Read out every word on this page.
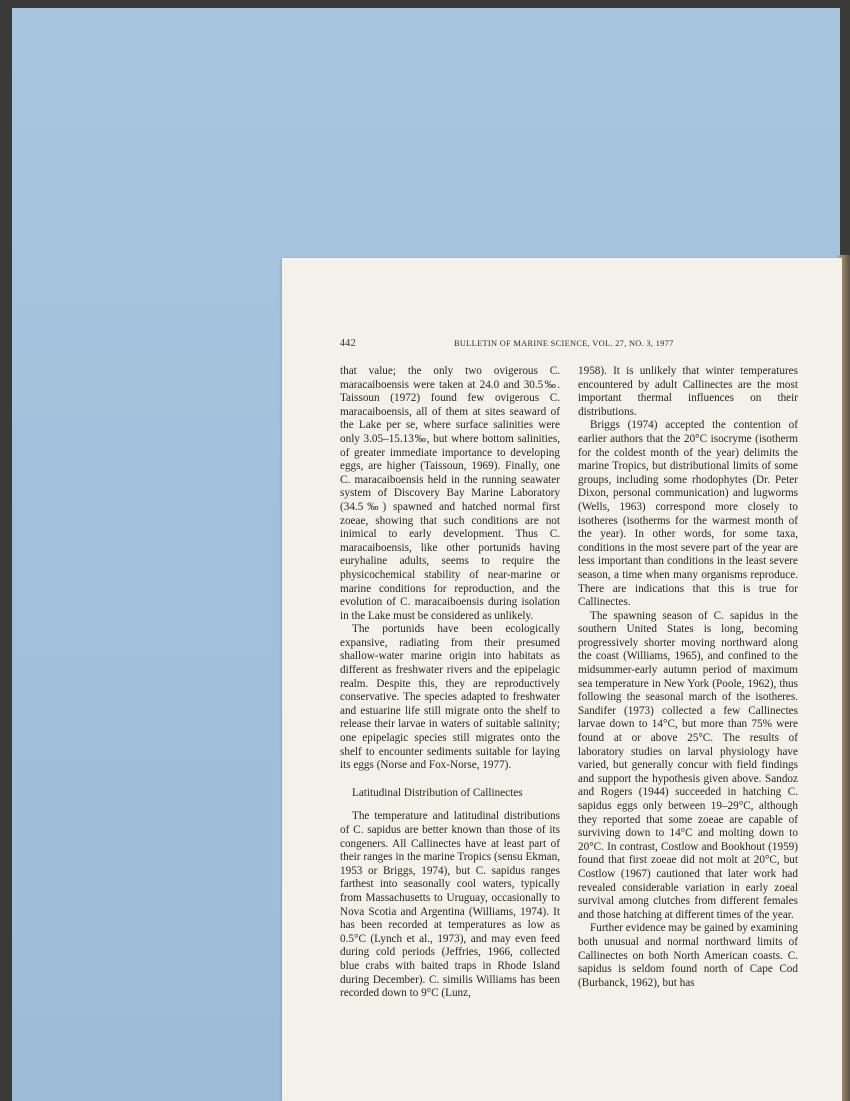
442	BULLETIN OF MARINE SCIENCE, VOL. 27, NO. 3, 1977

that value; the only two ovigerous C. maracaiboensis were taken at 24.0 and 30.5‰. Taissoun (1972) found few ovigerous C. maracaiboensis, all of them at sites seaward of the Lake per se, where surface salinities were only 3.05–15.13‰, but where bottom salinities, of greater immediate importance to developing eggs, are higher (Taissoun, 1969). Finally, one C. maracaiboensis held in the running seawater system of Discovery Bay Marine Laboratory (34.5‰) spawned and hatched normal first zoeae, showing that such conditions are not inimical to early development. Thus C. maracaiboensis, like other portunids having euryhaline adults, seems to require the physicochemical stability of near-marine or marine conditions for reproduction, and the evolution of C. maracaiboensis during isolation in the Lake must be considered as unlikely.

The portunids have been ecologically expansive, radiating from their presumed shallow-water marine origin into habitats as different as freshwater rivers and the epipelagic realm. Despite this, they are reproductively conservative. The species adapted to freshwater and estuarine life still migrate onto the shelf to release their larvae in waters of suitable salinity; one epipelagic species still migrates onto the shelf to encounter sediments suitable for laying its eggs (Norse and Fox-Norse, 1977).

Latitudinal Distribution of Callinectes

The temperature and latitudinal distributions of C. sapidus are better known than those of its congeners. All Callinectes have at least part of their ranges in the marine Tropics (sensu Ekman, 1953 or Briggs, 1974), but C. sapidus ranges farthest into seasonally cool waters, typically from Massachusetts to Uruguay, occasionally to Nova Scotia and Argentina (Williams, 1974). It has been recorded at temperatures as low as 0.5°C (Lynch et al., 1973), and may even feed during cold periods (Jeffries, 1966, collected blue crabs with baited traps in Rhode Island during December). C. similis Williams has been recorded down to 9°C (Lunz,

1958). It is unlikely that winter temperatures encountered by adult Callinectes are the most important thermal influences on their distributions.

Briggs (1974) accepted the contention of earlier authors that the 20°C isocryme (isotherm for the coldest month of the year) delimits the marine Tropics, but distributional limits of some groups, including some rhodophytes (Dr. Peter Dixon, personal communication) and lugworms (Wells, 1963) correspond more closely to isotheres (isotherms for the warmest month of the year). In other words, for some taxa, conditions in the most severe part of the year are less important than conditions in the least severe season, a time when many organisms reproduce. There are indications that this is true for Callinectes.

The spawning season of C. sapidus in the southern United States is long, becoming progressively shorter moving northward along the coast (Williams, 1965), and confined to the midsummer-early autumn period of maximum sea temperature in New York (Poole, 1962), thus following the seasonal march of the isotheres. Sandifer (1973) collected a few Callinectes larvae down to 14°C, but more than 75% were found at or above 25°C. The results of laboratory studies on larval physiology have varied, but generally concur with field findings and support the hypothesis given above. Sandoz and Rogers (1944) succeeded in hatching C. sapidus eggs only between 19–29°C, although they reported that some zoeae are capable of surviving down to 14°C and molting down to 20°C. In contrast, Costlow and Bookhout (1959) found that first zoeae did not molt at 20°C, but Costlow (1967) cautioned that later work had revealed considerable variation in early zoeal survival among clutches from different females and those hatching at different times of the year.

Further evidence may be gained by examining both unusual and normal northward limits of Callinectes on both North American coasts. C. sapidus is seldom found north of Cape Cod (Burbanck, 1962), but has
